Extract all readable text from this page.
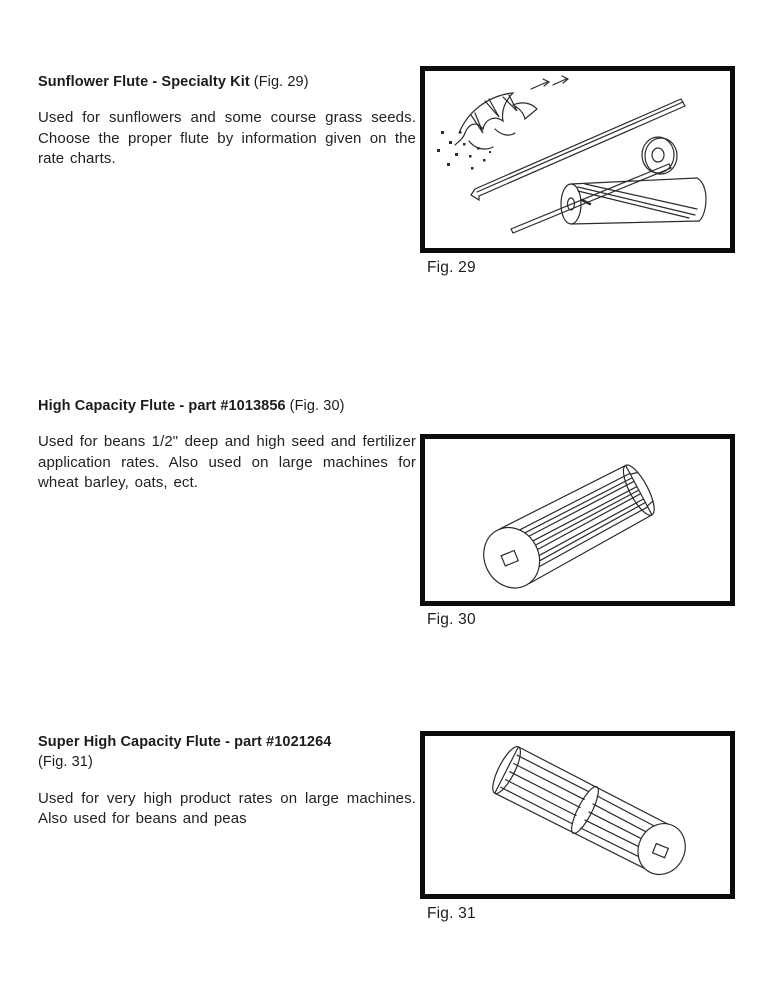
Sunflower Flute - Specialty Kit (Fig. 29)

Used for sunflowers and some course grass seeds. Choose the proper flute by information given on the rate charts.

Fig. 29
High Capacity Flute - part #1013856 (Fig. 30)

Used for beans 1/2" deep and high seed and fertilizer application rates. Also used on large machines for wheat barley, oats, ect.

Fig. 30
Super High Capacity Flute - part #1021264
(Fig. 31)

Used for very high product rates on large machines. Also used for beans and peas

Fig. 31
